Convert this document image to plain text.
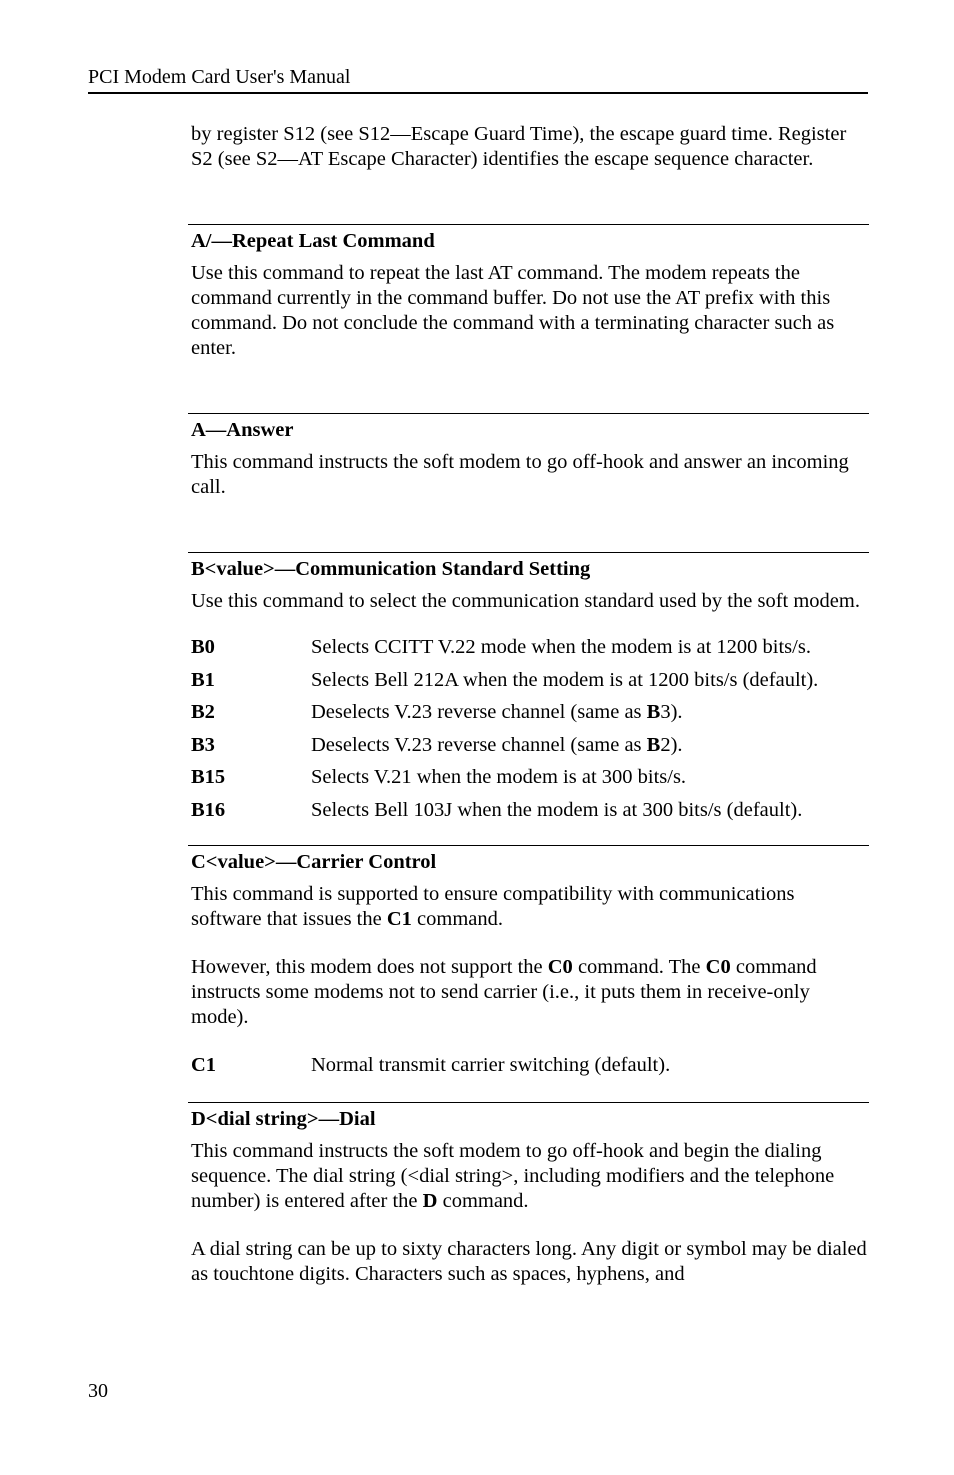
PCI Modem Card User's Manual

by register S12 (see S12—Escape Guard Time), the escape guard time. Register S2 (see S2—AT Escape Character) identifies the escape sequence character.

A/—Repeat Last Command

Use this command to repeat the last AT command. The modem repeats the command currently in the command buffer. Do not use the AT prefix with this command. Do not conclude the command with a terminating character such as enter.

A—Answer

This command instructs the soft modem to go off-hook and answer an incoming call.

B<value>—Communication Standard Setting

Use this command to select the communication standard used by the soft modem.

B0	Selects CCITT V.22 mode when the modem is at 1200 bits/s.
B1	Selects Bell 212A when the modem is at 1200 bits/s (default).
B2	Deselects V.23 reverse channel (same as B3).
B3	Deselects V.23 reverse channel (same as B2).
B15	Selects V.21 when the modem is at 300 bits/s.
B16	Selects Bell 103J when the modem is at 300 bits/s (default).
C<value>—Carrier Control

This command is supported to ensure compatibility with communications software that issues the C1 command.

However, this modem does not support the C0 command. The C0 command instructs some modems not to send carrier (i.e., it puts them in receive-only mode).

C1	Normal transmit carrier switching (default).
D<dial string>—Dial

This command instructs the soft modem to go off-hook and begin the dialing sequence. The dial string (<dial string>, including modifiers and the telephone number) is entered after the D command.

A dial string can be up to sixty characters long. Any digit or symbol may be dialed as touchtone digits. Characters such as spaces, hyphens, and

30
